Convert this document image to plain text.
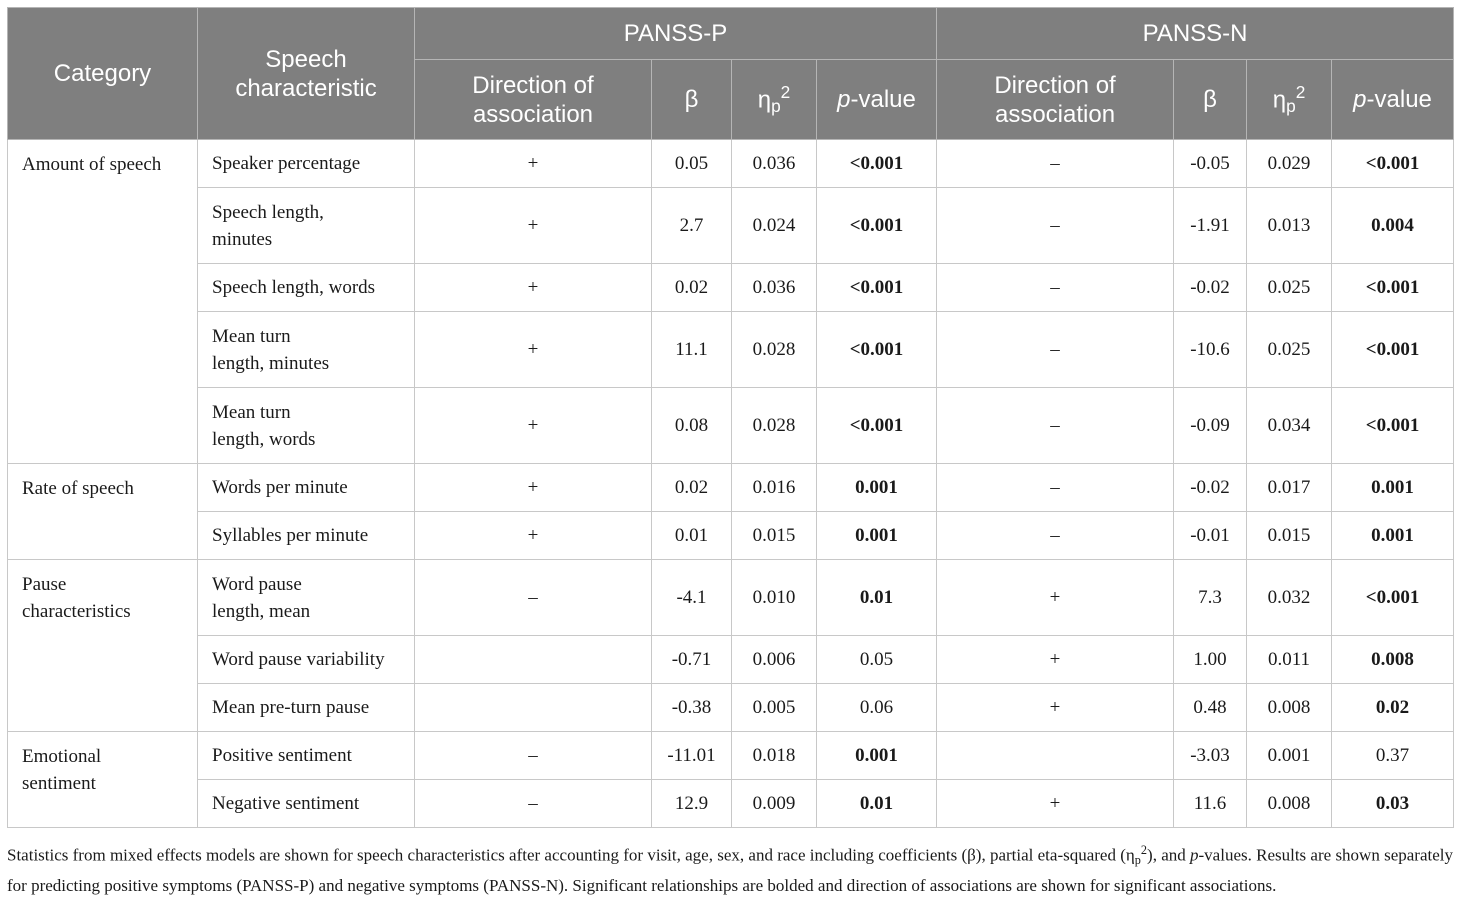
Category	Speech characteristic	PANSS-P				PANSS-N			
		Direction of association	β	$\eta_p^2$	p-value	Direction of association	β	$\eta_p^2$	p-value
Amount of speech	Speaker percentage	+	0.05	0.036	<0.001	–	-0.05	0.029	<0.001
	Speech length, minutes	+	2.7	0.024	<0.001	–	-1.91	0.013	0.004
	Speech length, words	+	0.02	0.036	<0.001	–	-0.02	0.025	<0.001
	Mean turn length, minutes	+	11.1	0.028	<0.001	–	-10.6	0.025	<0.001
	Mean turn length, words	+	0.08	0.028	<0.001	–	-0.09	0.034	<0.001
Rate of speech	Words per minute	+	0.02	0.016	0.001	–	-0.02	0.017	0.001
	Syllables per minute	+	0.01	0.015	0.001	–	-0.01	0.015	0.001
Pause characteristics	Word pause length, mean	–	-4.1	0.010	0.01	+	7.3	0.032	<0.001
	Word pause variability		-0.71	0.006	0.05	+	1.00	0.011	0.008
	Mean pre-turn pause		-0.38	0.005	0.06	+	0.48	0.008	0.02
Emotional sentiment	Positive sentiment	–	-11.01	0.018	0.001		-3.03	0.001	0.37
	Negative sentiment	–	12.9	0.009	0.01	+	11.6	0.008	0.03
Statistics from mixed effects models are shown for speech characteristics after accounting for visit, age, sex, and race including coefficients (β), partial eta-squared $(\eta_p^2)$, and p-values. Results are shown separately for predicting positive symptoms (PANSS-P) and negative symptoms (PANSS-N). Significant relationships are bolded and direction of associations are shown for significant associations.
